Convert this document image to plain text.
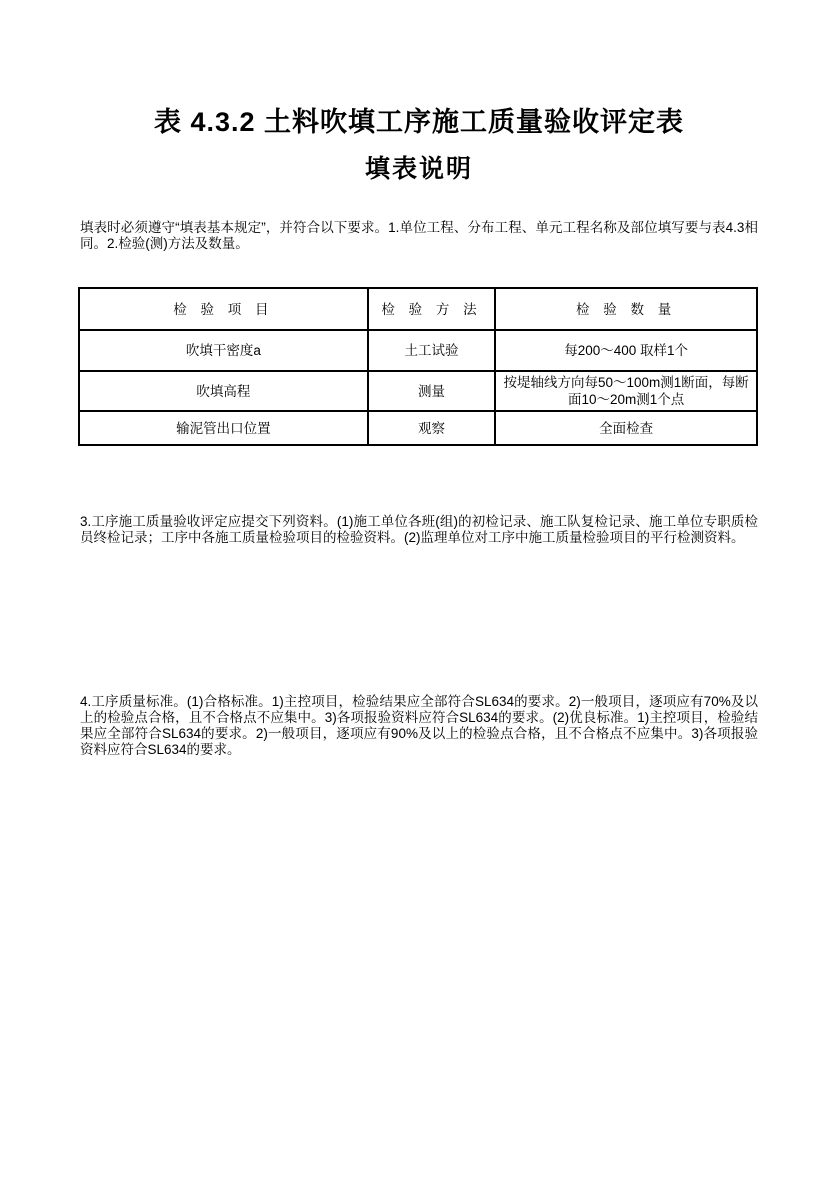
表 4.3.2 土料吹填工序施工质量验收评定表
填表说明

填表时必须遵守“填表基本规定”，并符合以下要求。1.单位工程、分布工程、单元工程名称及部位填写要与表4.3相同。2.检验(测)方法及数量。

检 验 项 目	检 验 方 法	检 验 数 量
吹填干密度a	土工试验	每200～400 取样1个
吹填高程	测量	按堤轴线方向每50～100m测1断面，每断面10～20m测1个点
输泥管出口位置	观察	全面检查

3.工序施工质量验收评定应提交下列资料。(1)施工单位各班(组)的初检记录、施工队复检记录、施工单位专职质检员终检记录；工序中各施工质量检验项目的检验资料。(2)监理单位对工序中施工质量检验项目的平行检测资料。

4.工序质量标准。(1)合格标准。1)主控项目，检验结果应全部符合SL634的要求。2)一般项目，逐项应有70%及以上的检验点合格，且不合格点不应集中。3)各项报验资料应符合SL634的要求。(2)优良标准。1)主控项目，检验结果应全部符合SL634的要求。2)一般项目，逐项应有90%及以上的检验点合格，且不合格点不应集中。3)各项报验资料应符合SL634的要求。
